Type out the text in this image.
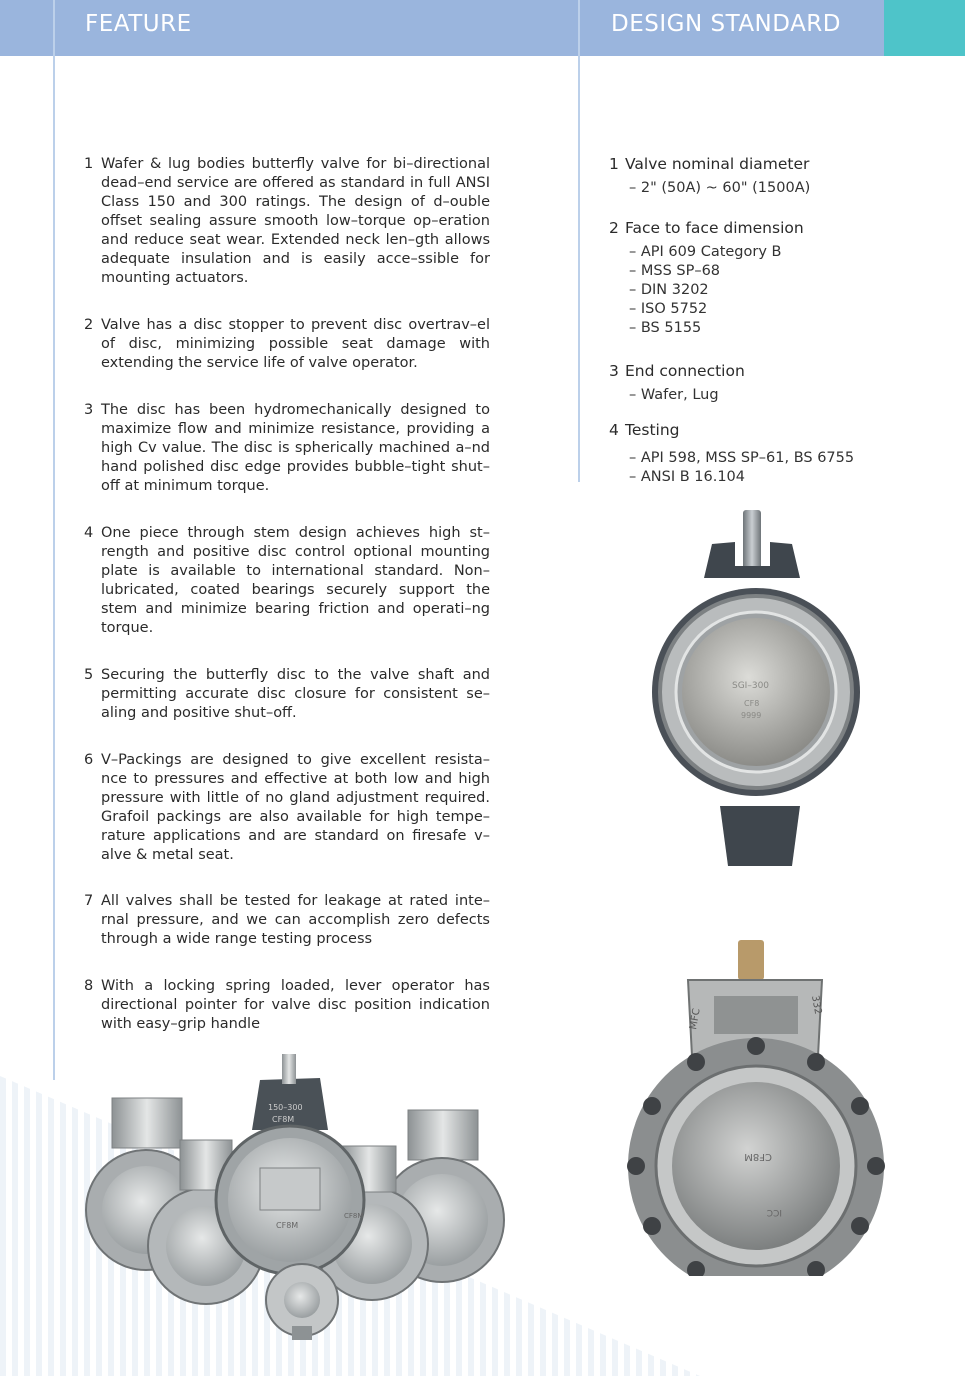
FEATURE	DESIGN STANDARD
1 Wafer & lug bodies butterfly valve for bi–directional dead–end service are offered as standard in full ANSI Class 150 and 300 ratings. The design of d–ouble offset sealing assure smooth low–torque op–eration and reduce seat wear. Extended neck len–gth allows adequate insulation and is easily acce–ssible for mounting actuators.
2 Valve has a disc stopper to prevent disc overtrav–el of disc, minimizing possible seat damage with extending the service life of valve operator.
3 The disc has been hydromechanically designed to maximize flow and minimize resistance, providing a high Cv value. The disc is spherically machined a–nd hand polished disc edge provides bubble–tight shut–off at minimum torque.
4 One piece through stem design achieves high st–rength and positive disc control optional mounting plate is available to international standard. Non–lubricated, coated bearings securely support the stem and minimize bearing friction and operati–ng torque.
5 Securing the butterfly disc to the valve shaft and permitting accurate disc closure for consistent se–aling and positive shut–off.
6 V–Packings are designed to give excellent resista–nce to pressures and effective at both low and high pressure with little of no gland adjustment required. Grafoil packings are also available for high tempe–rature applications and are standard on firesafe v–alve & metal seat.
7 All valves shall be tested for leakage at rated inte–rnal pressure, and we can accomplish zero defects through a wide range testing process
8 With a locking spring loaded, lever operator has directional pointer for valve disc position indication with easy–grip handle
1 Valve nominal diameter
– 2" (50A) ~ 60" (1500A)
2 Face to face dimension
– API 609 Category B
– MSS SP–68
– DIN 3202
– ISO 5752
– BS 5155
3 End connection
– Wafer, Lug
4 Testing
– API 598, MSS SP–61, BS 6755
– ANSI B 16.104
SGI–300
CF8
9999
MFC
332
CF8M
ICC
150–300
CF8M
CF8M
CF8M
